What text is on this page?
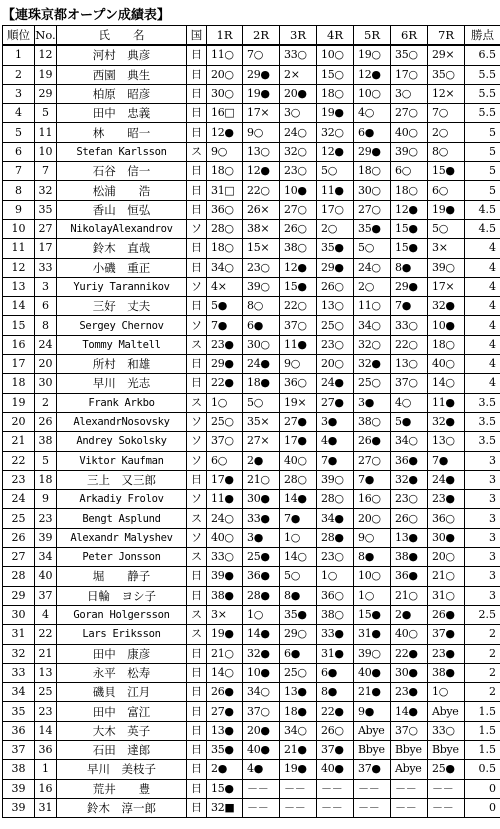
【連珠京都オープン成績表】
順位	No.	氏　　名	国	1R	2R	3R	4R	5R	6R	7R	勝点
1	12	河村　典彦	日	11○	7○	33○	10○	19○	35○	29×	6.5
2	19	西園　典生	日	20○	29●	2×	15○	12●	17○	35○	5.5
3	29	柏原　昭彦	日	30○	19●	20●	18○	10○	3○	12×	5.5
4	5	田中　忠義	日	16□	17×	3○	19●	4○	27○	7○	5.5
5	11	林　　昭一	日	12●	9○	24○	32○	6●	40○	2○	5
6	10	Stefan Karlsson	ス	9○	13○	32○	12●	29●	39○	8○	5
7	7	石谷　信一	日	18○	12●	23○	5○	18○	6○	15●	5
8	32	松浦　　浩	日	31□	22○	10●	11●	30○	18○	6○	5
9	35	香山　恒弘	日	36○	26×	27○	17○	27○	12●	19●	4.5
10	27	NikolayAlexandrov	ソ	28○	38×	26○	2○	35●	15●	5○	4.5
11	17	鈴木　直哉	日	18○	15×	38○	35●	5○	15●	3×	4
12	33	小磯　重正	日	34○	23○	12●	29●	24○	8●	39○	4
13	3	Yuriy Tarannikov	ソ	4×	39○	15●	26○	2○	29●	17×	4
14	6	三好　丈夫	日	5●	8○	22○	13○	11○	7●	32●	4
15	8	Sergey Chernov	ソ	7●	6●	37○	25○	34○	33○	10●	4
16	24	Tommy Maltell	ス	23●	30○	11●	23○	32○	22○	18○	4
17	20	所村　和雄	日	29●	24●	9○	20○	32●	13○	40○	4
18	30	早川　光志	日	22●	18●	36○	24●	25○	37○	14○	4
19	2	Frank Arkbo	ス	1○	5○	19×	27●	3●	4○	11●	3.5
20	26	AlexandrNosovsky	ソ	25○	35×	27●	3●	38○	5●	32●	3.5
21	38	Andrey Sokolsky	ソ	37○	27×	17●	4●	26●	34○	13○	3.5
22	5	Viktor Kaufman	ソ	6○	2●	40○	7●	27○	36●	7●	3
23	18	三上　又三郎	日	17●	21○	28○	39○	7●	32●	24●	3
24	9	Arkadiy Frolov	ソ	11●	30●	14●	28○	16○	23○	23●	3
25	23	Bengt Asplund	ス	24○	33●	7●	34●	20○	26○	36○	3
26	39	Alexandr Malyshev	ソ	40○	3●	1○	28●	9○	13●	30●	3
27	34	Peter Jonsson	ス	33○	25●	14○	23○	8●	38●	20○	3
28	40	堀　　静子	日	39●	36●	5○	1○	10○	36●	21○	3
29	37	日輪　ヨシ子	日	38●	28●	8●	36○	1○	21○	31○	3
30	4	Goran Holgersson	ス	3×	1○	35●	38○	15●	2●	26●	2.5
31	22	Lars Eriksson	ス	19●	14●	29○	33●	31●	40○	37●	2
32	21	田中　康彦	日	21○	32●	6●	31●	39○	22●	23●	2
33	13	永平　松寿	日	14○	10●	25○	6●	40●	30●	38●	2
34	25	磯貝　江月	日	26●	34○	13●	8●	21●	23●	1○	2
35	23	田中　富江	日	27●	37○	18●	22●	9●	14●	Abye	1.5
36	14	大木　英子	日	13●	20●	34○	26○	Abye	37○	33○	1.5
37	36	石田　達郎	日	35●	40●	21●	37●	Bbye	Bbye	Bbye	1.5
38	1	早川　美枝子	日	2●	4●	19●	40●	37●	Abye	25●	0.5
39	16	荒井　　豊	日	15●	－－	－－	－－	－－	－－	－－	0
39	31	鈴木　淳一郎	日	32■	－－	－－	－－	－－	－－	－－	0
